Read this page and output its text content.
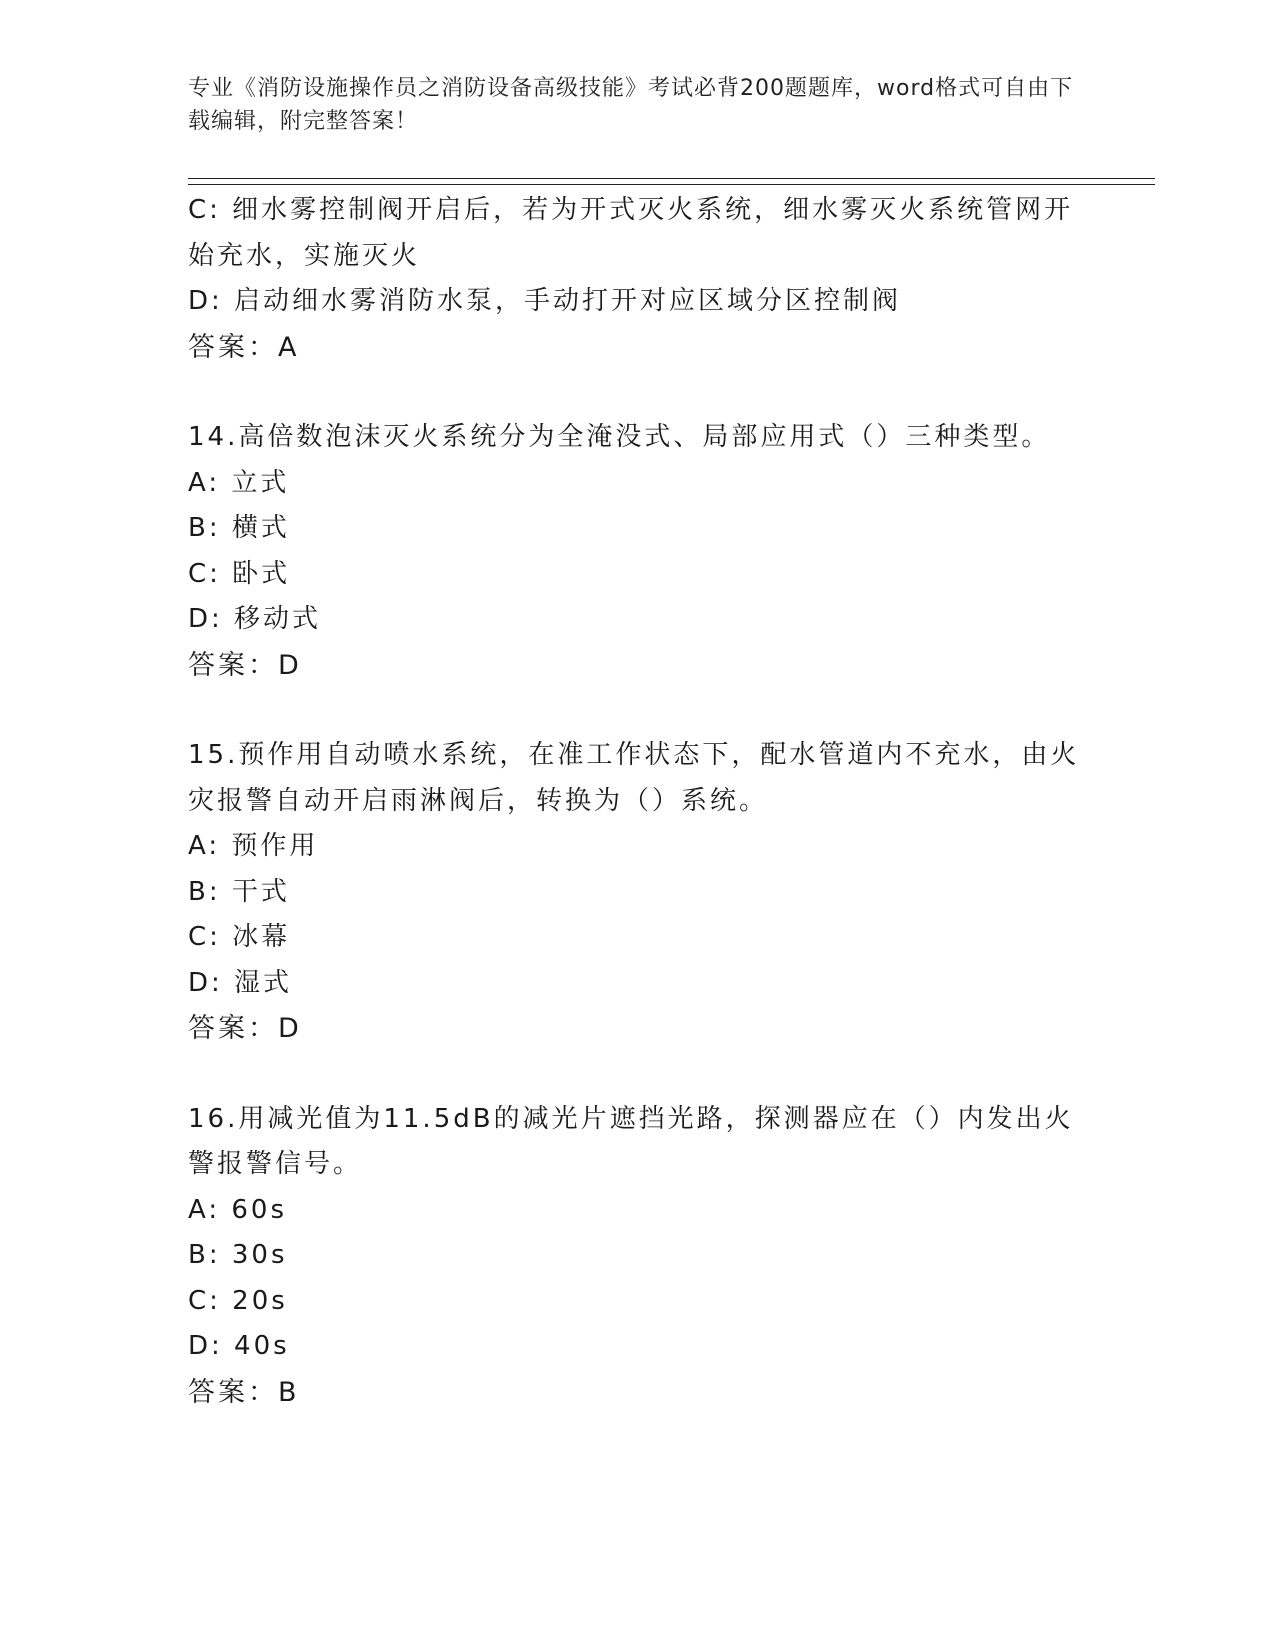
专业《消防设施操作员之消防设备高级技能》考试必背200题题库，word格式可自由下载编辑，附完整答案！
C: 细水雾控制阀开启后，若为开式灭火系统，细水雾灭火系统管网开始充水，实施灭火
D: 启动细水雾消防水泵，手动打开对应区域分区控制阀
答案：A
14.高倍数泡沫灭火系统分为全淹没式、局部应用式（）三种类型。
A: 立式
B: 横式
C: 卧式
D: 移动式
答案：D
15.预作用自动喷水系统，在准工作状态下，配水管道内不充水，由火灾报警自动开启雨淋阀后，转换为（）系统。
A: 预作用
B: 干式
C: 冰幕
D: 湿式
答案：D
16.用减光值为11.5dB的减光片遮挡光路，探测器应在（）内发出火警报警信号。
A: 60s
B: 30s
C: 20s
D: 40s
答案：B
